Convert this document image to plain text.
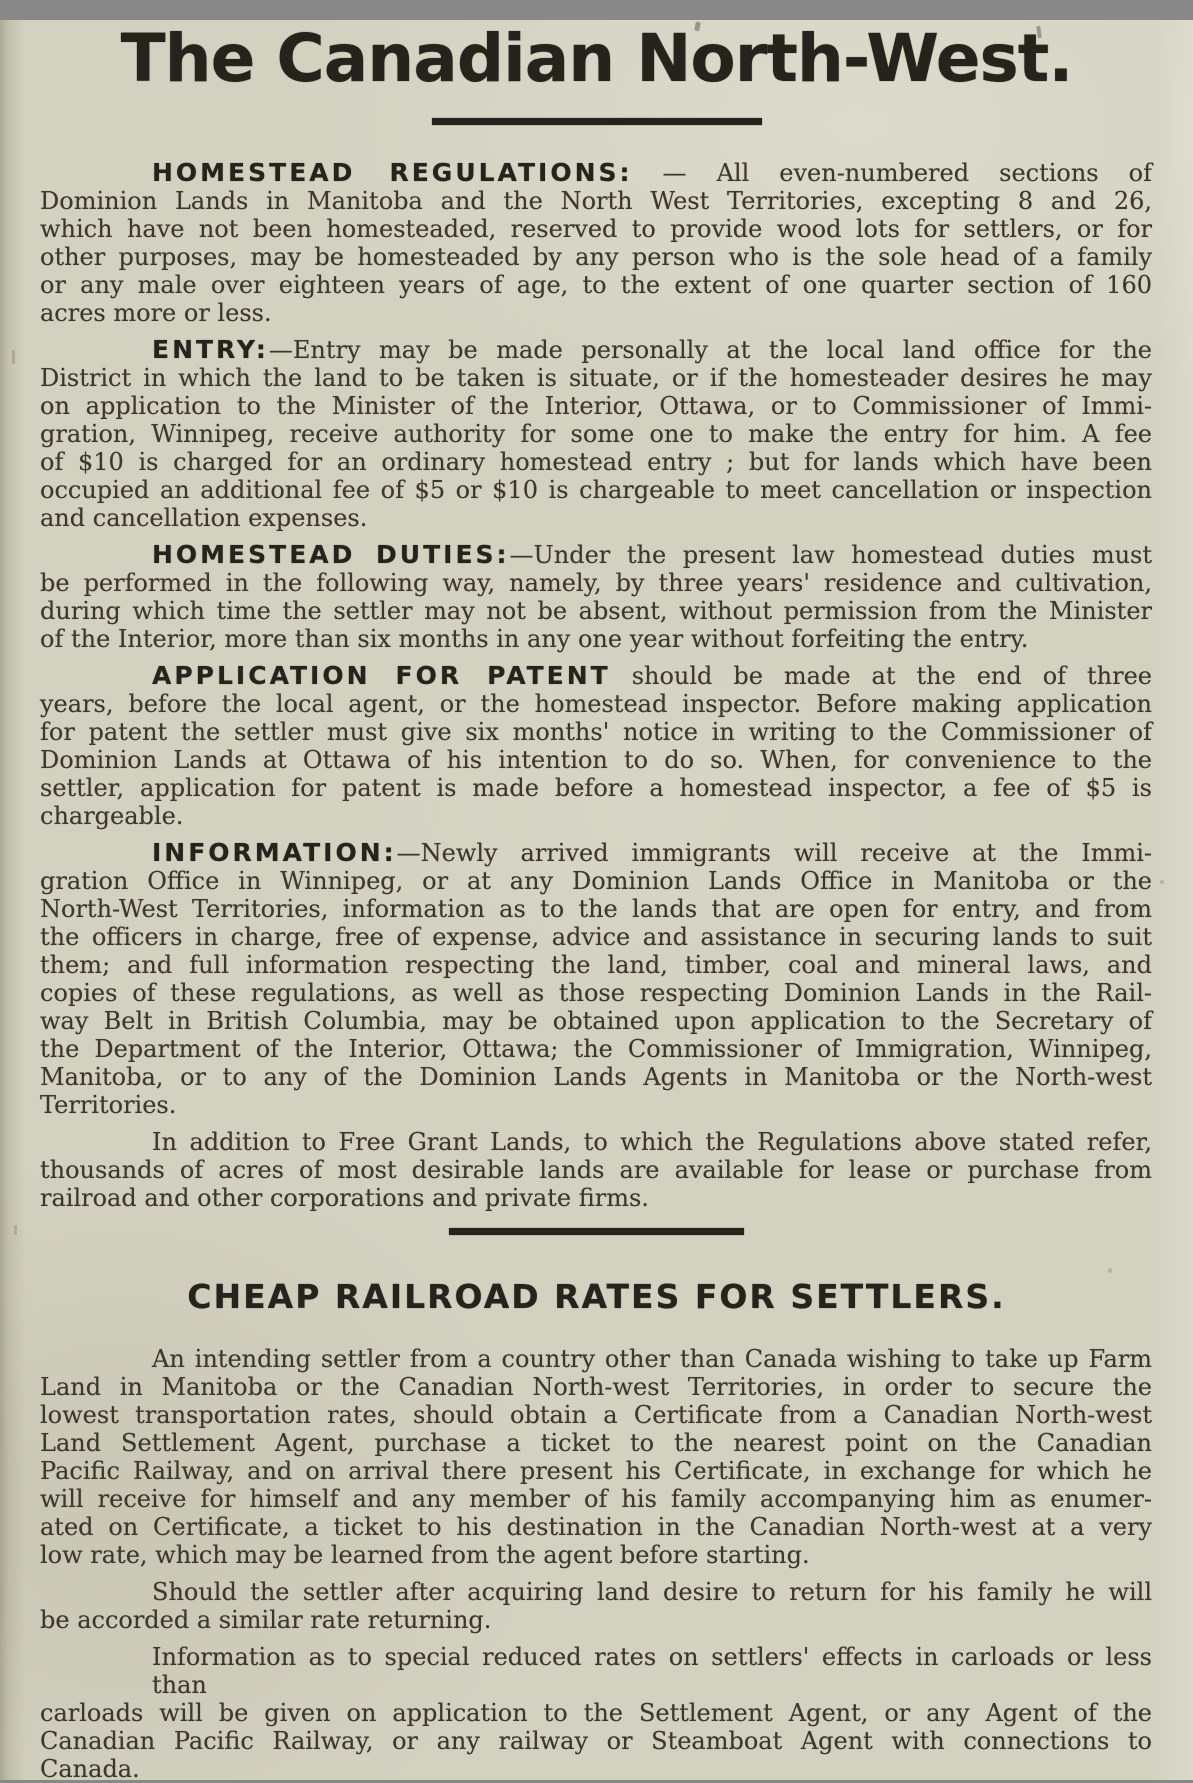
The Canadian North-West.
HOMESTEAD REGULATIONS: — All even-numbered sections of
Dominion Lands in Manitoba and the North West Territories, excepting 8 and 26,
which have not been homesteaded, reserved to provide wood lots for settlers, or for
other purposes, may be homesteaded by any person who is the sole head of a family
or any male over eighteen years of age, to the extent of one quarter section of 160
acres more or less.
ENTRY:—Entry may be made personally at the local land office for the
District in which the land to be taken is situate, or if the homesteader desires he may
on application to the Minister of the Interior, Ottawa, or to Commissioner of Immi-
gration, Winnipeg, receive authority for some one to make the entry for him. A fee
of $10 is charged for an ordinary homestead entry ; but for lands which have been
occupied an additional fee of $5 or $10 is chargeable to meet cancellation or inspection
and cancellation expenses.
HOMESTEAD DUTIES:—Under the present law homestead duties must
be performed in the following way, namely, by three years' residence and cultivation,
during which time the settler may not be absent, without permission from the Minister
of the Interior, more than six months in any one year without forfeiting the entry.
APPLICATION FOR PATENT should be made at the end of three
years, before the local agent, or the homestead inspector. Before making application
for patent the settler must give six months' notice in writing to the Commissioner of
Dominion Lands at Ottawa of his intention to do so. When, for convenience to the
settler, application for patent is made before a homestead inspector, a fee of $5 is
chargeable.
INFORMATION:—Newly arrived immigrants will receive at the Immi-
gration Office in Winnipeg, or at any Dominion Lands Office in Manitoba or the
North-West Territories, information as to the lands that are open for entry, and from
the officers in charge, free of expense, advice and assistance in securing lands to suit
them; and full information respecting the land, timber, coal and mineral laws, and
copies of these regulations, as well as those respecting Dominion Lands in the Rail-
way Belt in British Columbia, may be obtained upon application to the Secretary of
the Department of the Interior, Ottawa; the Commissioner of Immigration, Winnipeg,
Manitoba, or to any of the Dominion Lands Agents in Manitoba or the North-west
Territories.
In addition to Free Grant Lands, to which the Regulations above stated refer,
thousands of acres of most desirable lands are available for lease or purchase from
railroad and other corporations and private firms.
CHEAP RAILROAD RATES FOR SETTLERS.
An intending settler from a country other than Canada wishing to take up Farm
Land in Manitoba or the Canadian North-west Territories, in order to secure the
lowest transportation rates, should obtain a Certificate from a Canadian North-west
Land Settlement Agent, purchase a ticket to the nearest point on the Canadian
Pacific Railway, and on arrival there present his Certificate, in exchange for which he
will receive for himself and any member of his family accompanying him as enumer-
ated on Certificate, a ticket to his destination in the Canadian North-west at a very
low rate, which may be learned from the agent before starting.
Should the settler after acquiring land desire to return for his family he will
be accorded a similar rate returning.
Information as to special reduced rates on settlers' effects in carloads or less than
carloads will be given on application to the Settlement Agent, or any Agent of the
Canadian Pacific Railway, or any railway or Steamboat Agent with connections to
Canada.
